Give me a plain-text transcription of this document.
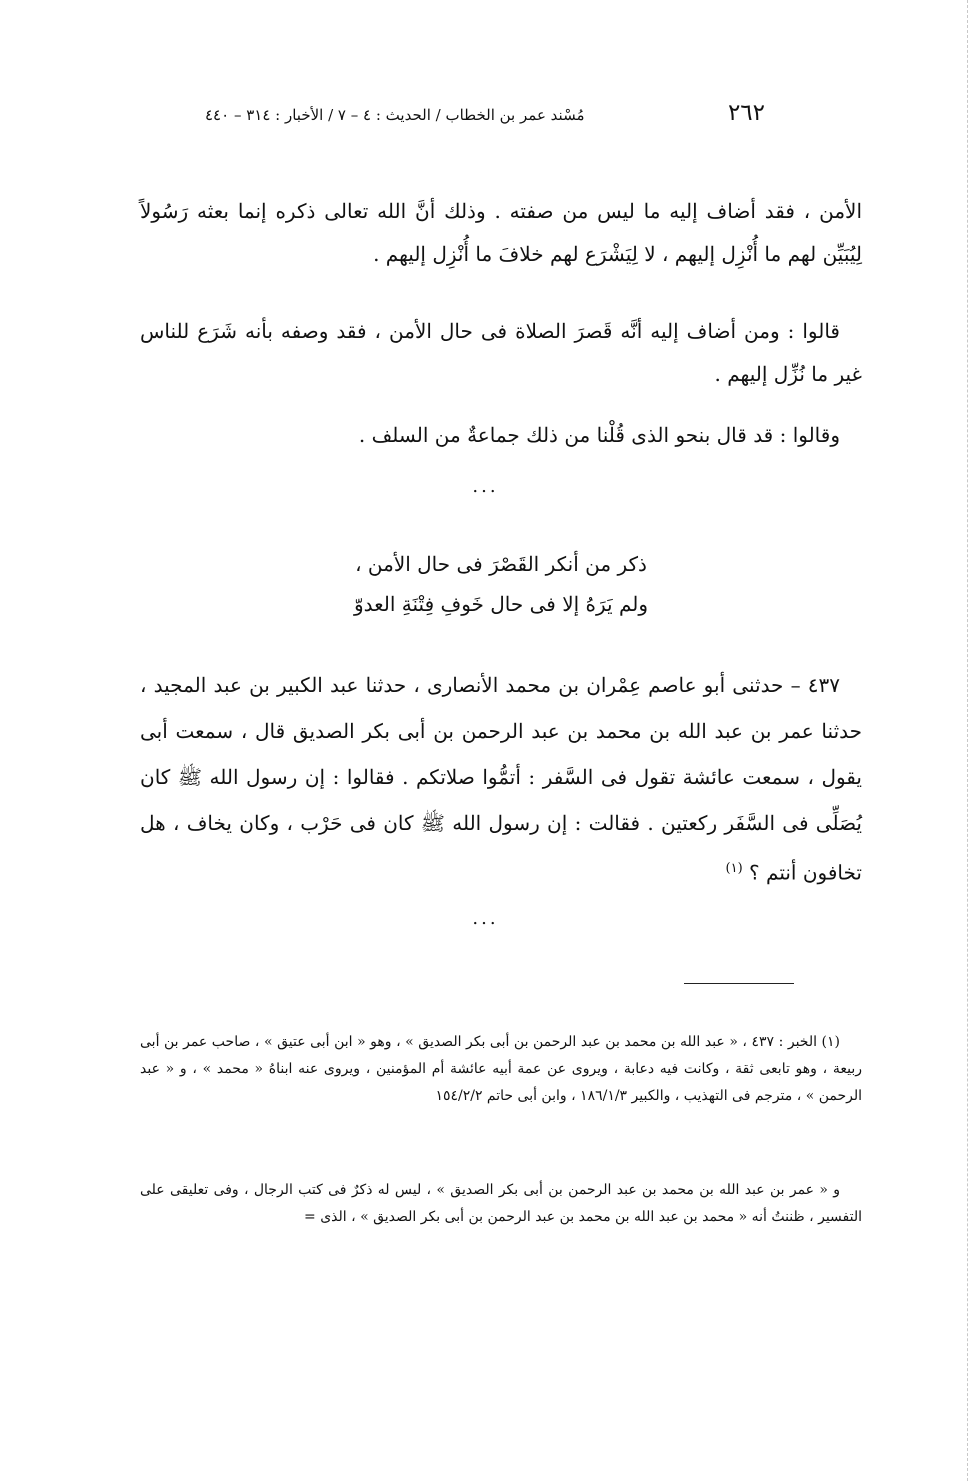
٢٦٢
مُسْند عمر بن الخطاب / الحديث : ٤ – ٧ / الأخبار : ٣١٤ – ٤٤٠

الأمن ، فقد أضاف إليه ما ليس من صفته . وذلك أنَّ الله تعالى ذكره إنما بعثه رَسُولاً لِيُبَيِّن لهم ما أُنْزِل إليهم ، لا لِيَشْرَع لهم خلافَ ما أُنْزِل إليهم .

قالوا : ومن أضاف إليه أنَّه قَصرَ الصلاة فى حال الأمن ، فقد وصفه بأنه شَرَع للناس غير ما نُزِّل إليهم .

وقالوا : قد قال بنحو الذى قُلْنا من ذلك جماعةٌ من السلف .

...
ذكر من أنكر القَصْرَ فى حال الأمن ،
ولم يَرَهُ إلا فى حال خَوفِ فِتْنَةِ العدوّ

٤٣٧ – حدثنى أبو عاصم عِمْران بن محمد الأنصارى ، حدثنا عبد الكبير بن عبد المجيد ، حدثنا عمر بن عبد الله بن محمد بن عبد الرحمن بن أبى بكر الصديق قال ، سمعت أبى يقول ، سمعت عائشة تقول فى السَّفر : أتمُّوا صلاتكم . فقالوا : إن رسول الله ﷺ كان يُصَلِّى فى السَّفَر ركعتين . فقالت : إن رسول الله ﷺ كان فى حَرْب ، وكان يخاف ، هل تخافون أنتم ؟ $^{(١)}$

...

(١) الخبر : ٤٣٧ ، « عبد الله بن محمد بن عبد الرحمن بن أبى بكر الصديق » ، وهو « ابن أبى عتيق » ، صاحب عمر بن أبى ربيعة ، وهو تابعى ثقة ، وكانت فيه دعابة ، ويروى عن عمة أبيه عائشة أم المؤمنين ، ويروى عنه ابناهُ « محمد » ، و « عبد الرحمن » ، مترجم فى التهذيب ، والكبير ١٨٦/١/٣ ، وابن أبى حاتم ١٥٤/٢/٢

و « عمر بن عبد الله بن محمد بن عبد الرحمن بن أبى بكر الصديق » ، ليس له ذكرٌ فى كتب الرجال ، وفى تعليقى على التفسير ، ظننتُ أنه « محمد بن عبد الله بن محمد بن عبد الرحمن بن أبى بكر الصديق » ، الذى =
